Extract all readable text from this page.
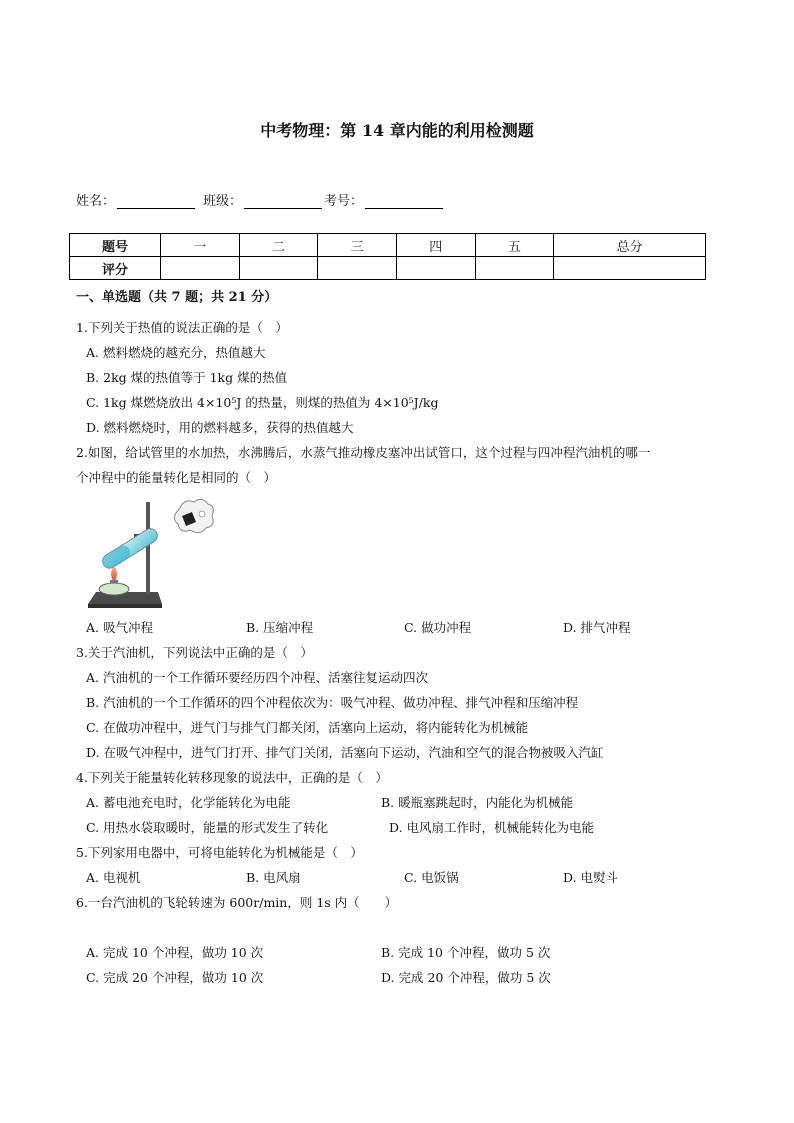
中考物理：第 14 章内能的利用检测题
姓名：	班级：	考号：
题号	一	二	三	四	五	总分
评分						
一、单选题（共 7 题；共 21 分）
1.下列关于热值的说法正确的是（　）
A. 燃料燃烧的越充分，热值越大
B. 2kg 煤的热值等于 1kg 煤的热值
C. 1kg 煤燃烧放出 4×10⁵J 的热量，则煤的热值为 4×10⁵J/kg
D. 燃料燃烧时，用的燃料越多，获得的热值越大
2.如图，给试管里的水加热，水沸腾后，水蒸气推动橡皮塞冲出试管口，这个过程与四冲程汽油机的哪一
个冲程中的能量转化是相同的（　）
A. 吸气冲程	B. 压缩冲程	C. 做功冲程	D. 排气冲程
3.关于汽油机，下列说法中正确的是（　）
A. 汽油机的一个工作循环要经历四个冲程、活塞往复运动四次
B. 汽油机的一个工作循环的四个冲程依次为：吸气冲程、做功冲程、排气冲程和压缩冲程
C. 在做功冲程中，进气门与排气门都关闭，活塞向上运动，将内能转化为机械能
D. 在吸气冲程中，进气门打开、排气门关闭，活塞向下运动，汽油和空气的混合物被吸入汽缸
4.下列关于能量转化转移现象的说法中，正确的是（　）
A. 蓄电池充电时，化学能转化为电能	B. 暖瓶塞跳起时，内能化为机械能
C. 用热水袋取暖时，能量的形式发生了转化	D. 电风扇工作时，机械能转化为电能
5.下列家用电器中，可将电能转化为机械能是（　）
A. 电视机	B. 电风扇	C. 电饭锅	D. 电熨斗
6.一台汽油机的飞轮转速为 600r/min，则 1s 内（　　）
A. 完成 10 个冲程，做功 10 次	B. 完成 10 个冲程，做功 5 次
C. 完成 20 个冲程，做功 10 次	D. 完成 20 个冲程，做功 5 次
